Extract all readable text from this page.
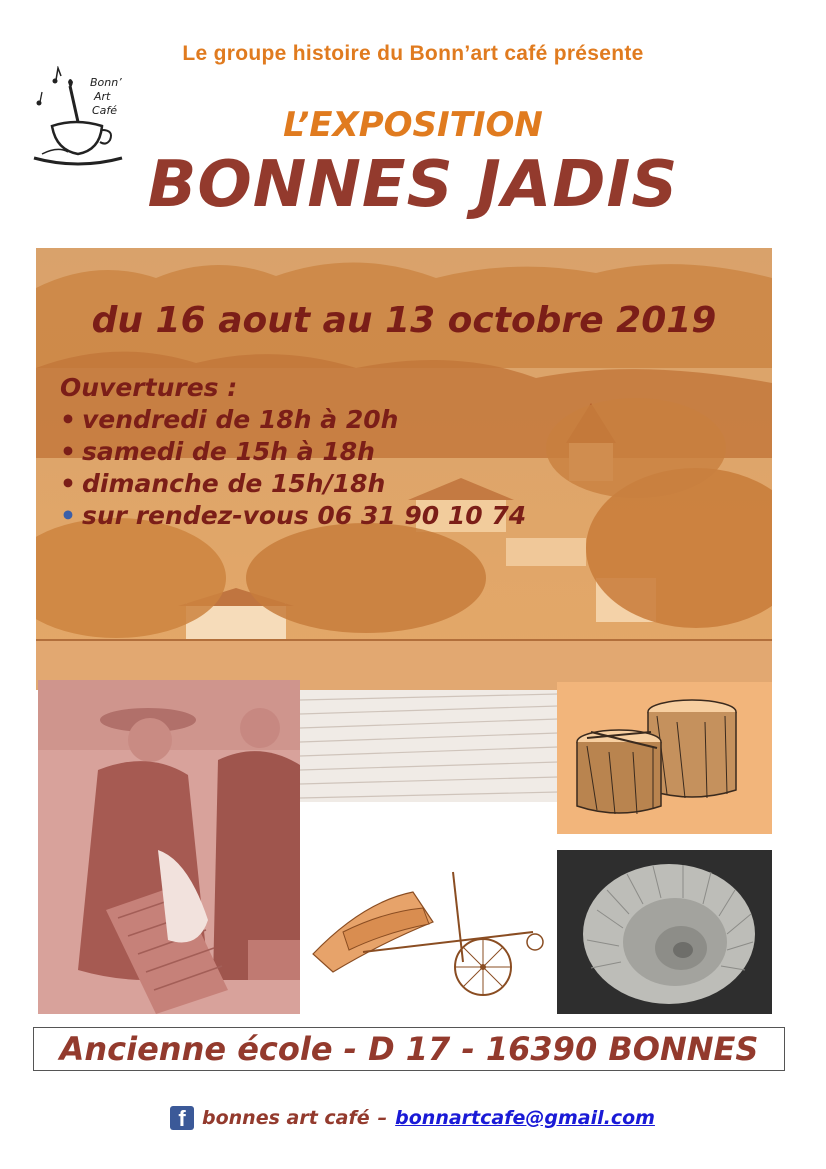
Le groupe histoire du Bonn’art café présente
Bonn’
Art
Café	L’EXPOSITION
BONNES JADIS
du 16 aout au 13 octobre 2019
Ouvertures :
• vendredi de 18h à 20h
• samedi de 15h à 18h
• dimanche de 15h/18h
• sur rendez-vous 06 31 90 10 74
Ancienne école - D 17 - 16390 BONNES
f bonnes art café – bonnartcafe@gmail.com
